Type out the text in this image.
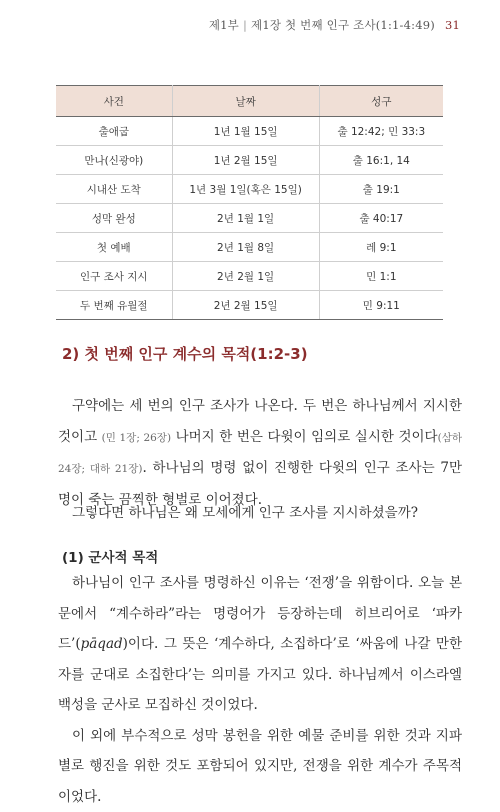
제1부 | 제1장 첫 번째 인구 조사(1:1-4:49) 31
사건	날짜	성구
출애굽	1년 1월 15일	출 12:42; 민 33:3
만나(신광야)	1년 2월 15일	출 16:1, 14
시내산 도착	1년 3월 1일(혹은 15일)	출 19:1
성막 완성	2년 1월 1일	출 40:17
첫 예배	2년 1월 8일	레 9:1
인구 조사 지시	2년 2월 1일	민 1:1
두 번째 유월절	2년 2월 15일	민 9:11
2) 첫 번째 인구 계수의 목적(1:2-3)

구약에는 세 번의 인구 조사가 나온다. 두 번은 하나님께서 지시한 것이고 (민 1장; 26장) 나머지 한 번은 다윗이 임의로 실시한 것이다(삼하 24장; 대하 21장). 하나님의 명령 없이 진행한 다윗의 인구 조사는 7만 명이 죽는 끔찍한 형벌로 이어졌다.

그렇다면 하나님은 왜 모세에게 인구 조사를 지시하셨을까?

(1) 군사적 목적

하나님이 인구 조사를 명령하신 이유는 ‘전쟁’을 위함이다. 오늘 본문에서 “계수하라”라는 명령어가 등장하는데 히브리어로 ‘파카드’(pāqad)이다. 그 뜻은 ‘계수하다, 소집하다’로 ‘싸움에 나갈 만한 자를 군대로 소집한다’는 의미를 가지고 있다. 하나님께서 이스라엘 백성을 군사로 모집하신 것이었다.

이 외에 부수적으로 성막 봉헌을 위한 예물 준비를 위한 것과 지파별로 행진을 위한 것도 포함되어 있지만, 전쟁을 위한 계수가 주목적이었다.
